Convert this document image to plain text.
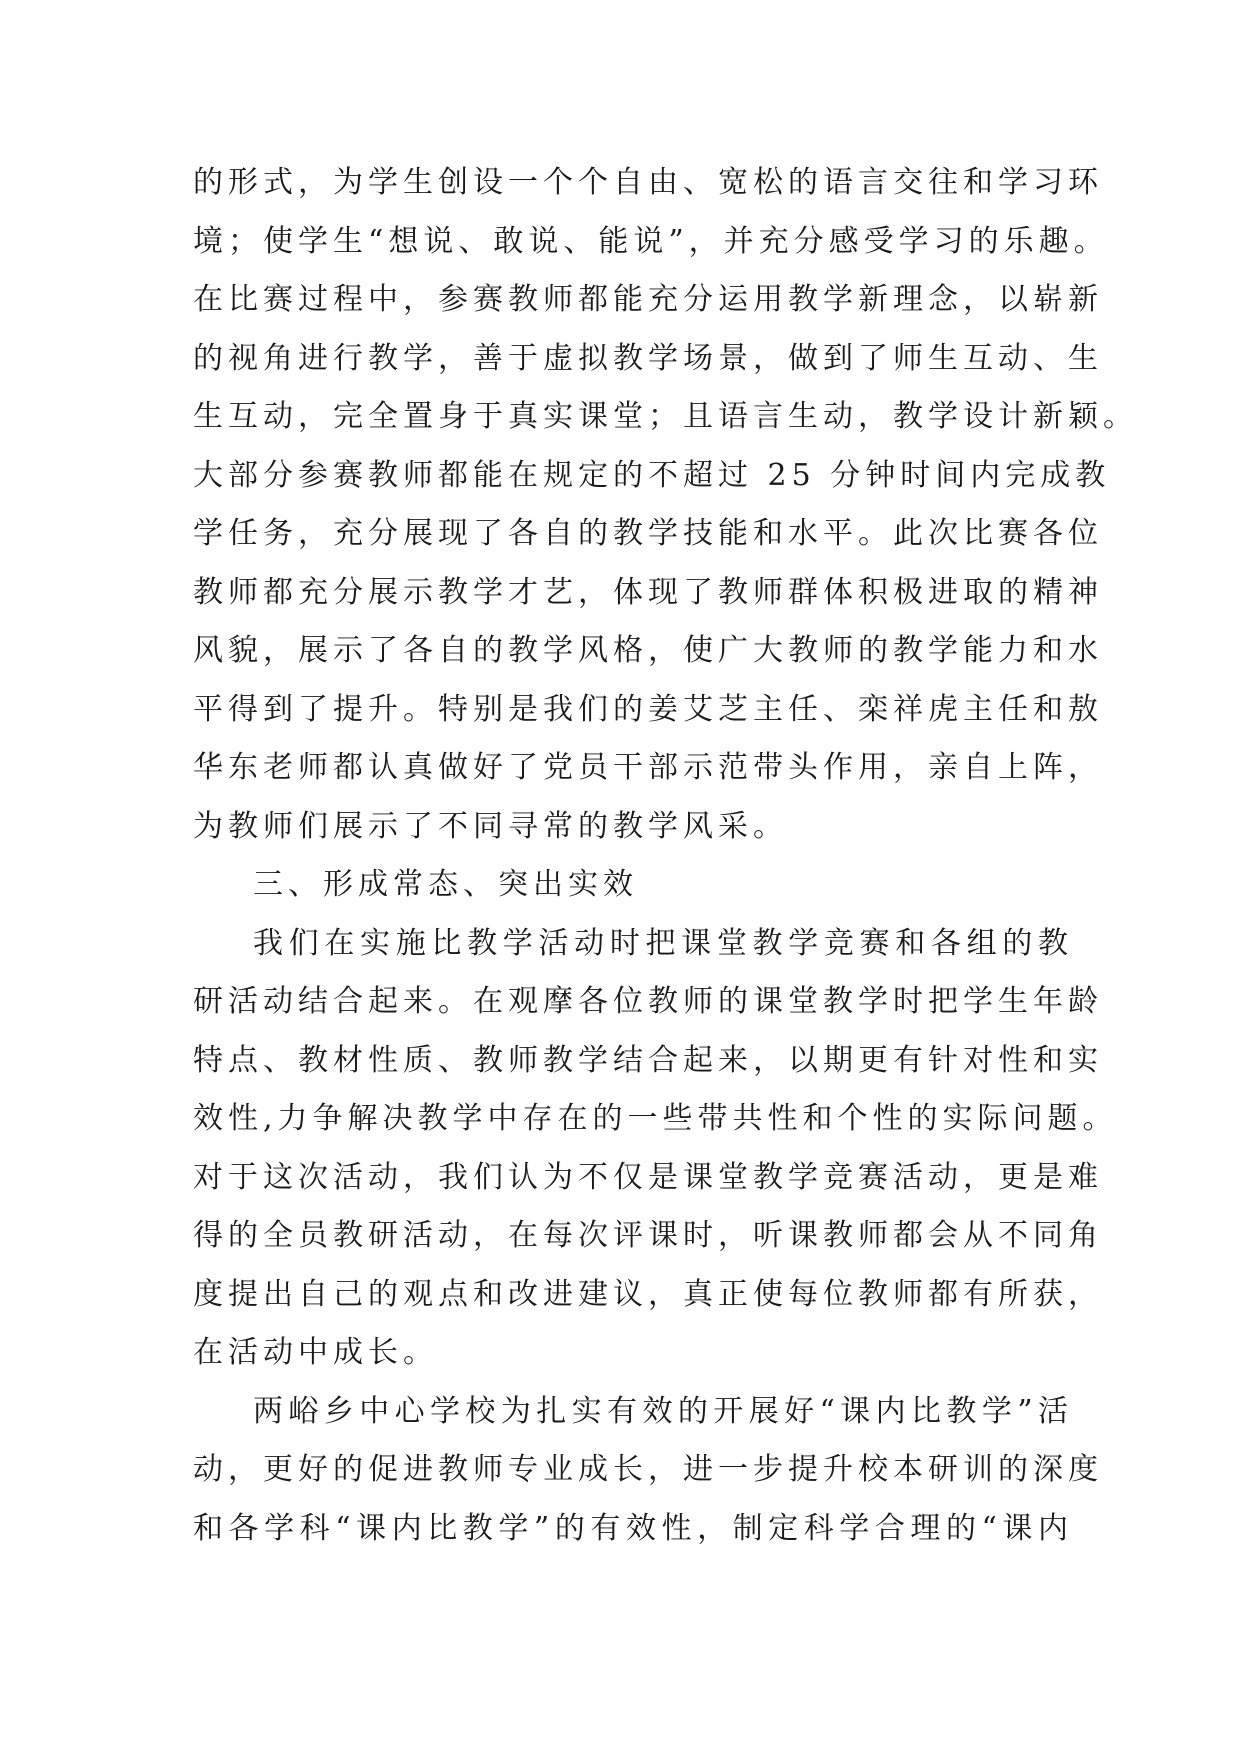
的形式，为学生创设一个个自由、宽松的语言交往和学习环
境；使学生“想说、敢说、能说”，并充分感受学习的乐趣。
在比赛过程中，参赛教师都能充分运用教学新理念，以崭新
的视角进行教学，善于虚拟教学场景，做到了师生互动、生
生互动，完全置身于真实课堂；且语言生动，教学设计新颖。
大部分参赛教师都能在规定的不超过 25 分钟时间内完成教
学任务，充分展现了各自的教学技能和水平。此次比赛各位
教师都充分展示教学才艺，体现了教师群体积极进取的精神
风貌，展示了各自的教学风格，使广大教师的教学能力和水
平得到了提升。特别是我们的姜艾芝主任、栾祥虎主任和敖
华东老师都认真做好了党员干部示范带头作用，亲自上阵，
为教师们展示了不同寻常的教学风采。
三、形成常态、突出实效
我们在实施比教学活动时把课堂教学竞赛和各组的教
研活动结合起来。在观摩各位教师的课堂教学时把学生年龄
特点、教材性质、教师教学结合起来，以期更有针对性和实
效性,力争解决教学中存在的一些带共性和个性的实际问题。
对于这次活动，我们认为不仅是课堂教学竞赛活动，更是难
得的全员教研活动，在每次评课时，听课教师都会从不同角
度提出自己的观点和改进建议，真正使每位教师都有所获，
在活动中成长。
两峪乡中心学校为扎实有效的开展好“课内比教学”活
动，更好的促进教师专业成长，进一步提升校本研训的深度
和各学科“课内比教学”的有效性，制定科学合理的“课内
